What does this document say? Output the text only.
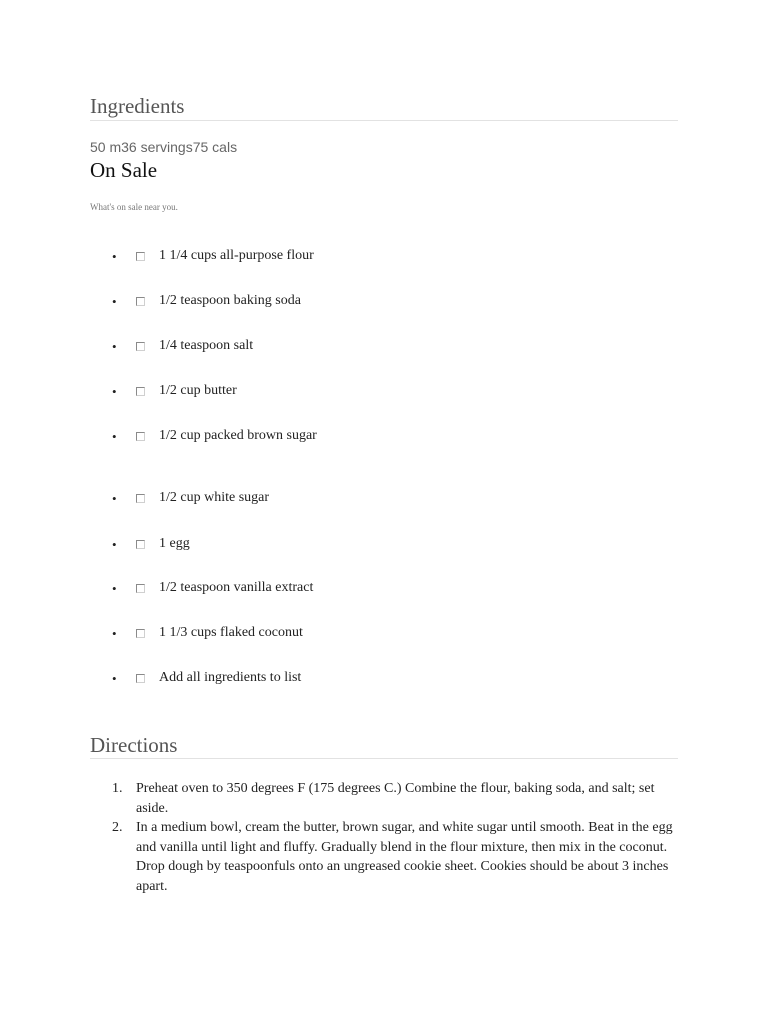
Ingredients
50 m36 servings75 cals
On Sale
What's on sale near you.
•	1 1/4 cups all-purpose flour
•	1/2 teaspoon baking soda
•	1/4 teaspoon salt
•	1/2 cup butter
•	1/2 cup packed brown sugar
•	1/2 cup white sugar
•	1 egg
•	1/2 teaspoon vanilla extract
•	1 1/3 cups flaked coconut
•	Add all ingredients to list
Directions
1. Preheat oven to 350 degrees F (175 degrees C.) Combine the flour, baking soda, and salt; set aside.
2. In a medium bowl, cream the butter, brown sugar, and white sugar until smooth. Beat in the egg and vanilla until light and fluffy. Gradually blend in the flour mixture, then mix in the coconut. Drop dough by teaspoonfuls onto an ungreased cookie sheet. Cookies should be about 3 inches apart.
